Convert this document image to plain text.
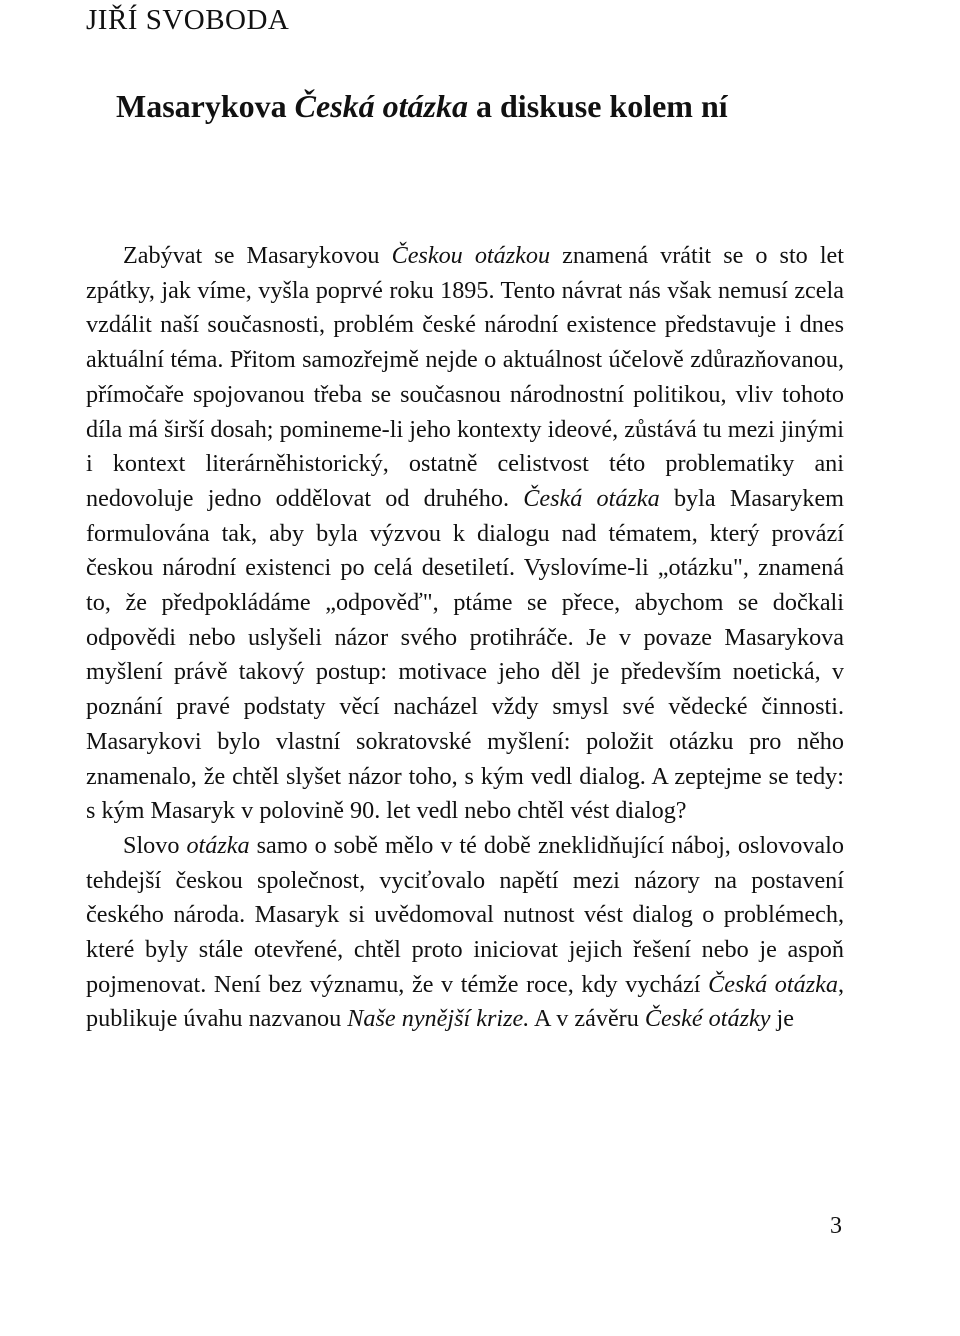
JIŘÍ SVOBODA
Masarykova Česká otázka a diskuse kolem ní

Zabývat se Masarykovou Českou otázkou znamená vrátit se o sto let zpátky, jak víme, vyšla poprvé roku 1895. Tento návrat nás však nemusí zcela vzdálit naší současnosti, problém české národní existence představuje i dnes aktuální téma. Přitom samozřejmě nejde o aktuálnost účelově zdůrazňovanou, přímočaře spojovanou třeba se současnou národnostní politikou, vliv tohoto díla má širší dosah; pomineme-li jeho kontexty ideové, zůstává tu mezi jinými i kontext literárněhistorický, ostatně celistvost této problematiky ani nedovoluje jedno oddělovat od druhého. Česká otázka byla Masarykem formulována tak, aby byla výzvou k dialogu nad tématem, který provází českou národní existenci po celá desetiletí. Vyslovíme-li „otázku", znamená to, že předpokládáme „odpověď", ptáme se přece, abychom se dočkali odpovědi nebo uslyšeli názor svého protihráče. Je v povaze Masarykova myšlení právě takový postup: motivace jeho děl je především noetická, v poznání pravé podstaty věcí nacházel vždy smysl své vědecké činnosti. Masarykovi bylo vlastní sokratovské myšlení: položit otázku pro něho znamenalo, že chtěl slyšet názor toho, s kým vedl dialog. A zeptejme se tedy: s kým Masaryk v polovině 90. let vedl nebo chtěl vést dialog?

Slovo otázka samo o sobě mělo v té době zneklidňující náboj, oslovovalo tehdejší českou společnost, vyciťovalo napětí mezi názory na postavení českého národa. Masaryk si uvědomoval nutnost vést dialog o problémech, které byly stále otevřené, chtěl proto iniciovat jejich řešení nebo je aspoň pojmenovat. Není bez významu, že v témže roce, kdy vychází Česká otázka, publikuje úvahu nazvanou Naše nynější krize. A v závěru České otázky je

3
